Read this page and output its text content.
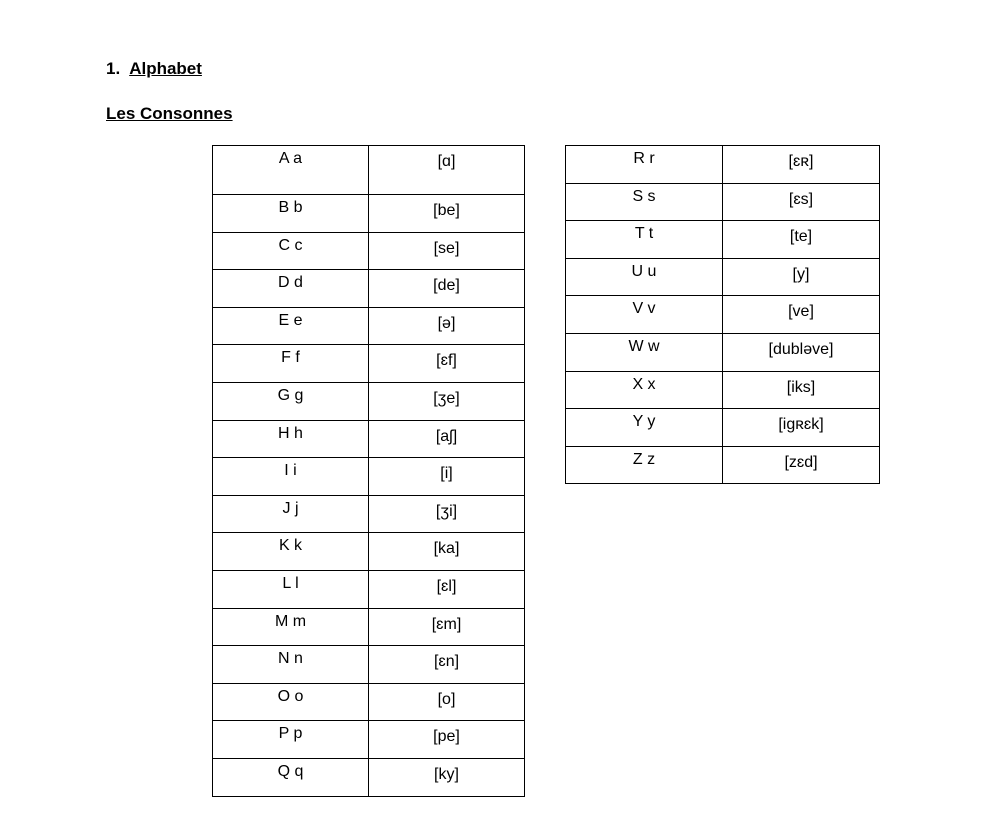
1. Alphabet
Les Consonnes
A a	[ɑ]

B b	[be]

C c	[se]

D d	[de]

E e	[ə]

F f	[ɛf]

G g	[ʒe]

H h	[aʃ]

I i	[i]

J j	[ʒi]

K k	[ka]

L l	[ɛl]

M m	[ɛm]

N n	[ɛn]

O o	[o]

P p	[pe]

Q q	[ky]
R r	[ɛʀ]

S s	[ɛs]

T t	[te]

U u	[y]

V v	[ve]

W w	[dubləve]

X x	[iks]

Y y	[igʀɛk]

Z z	[zɛd]
